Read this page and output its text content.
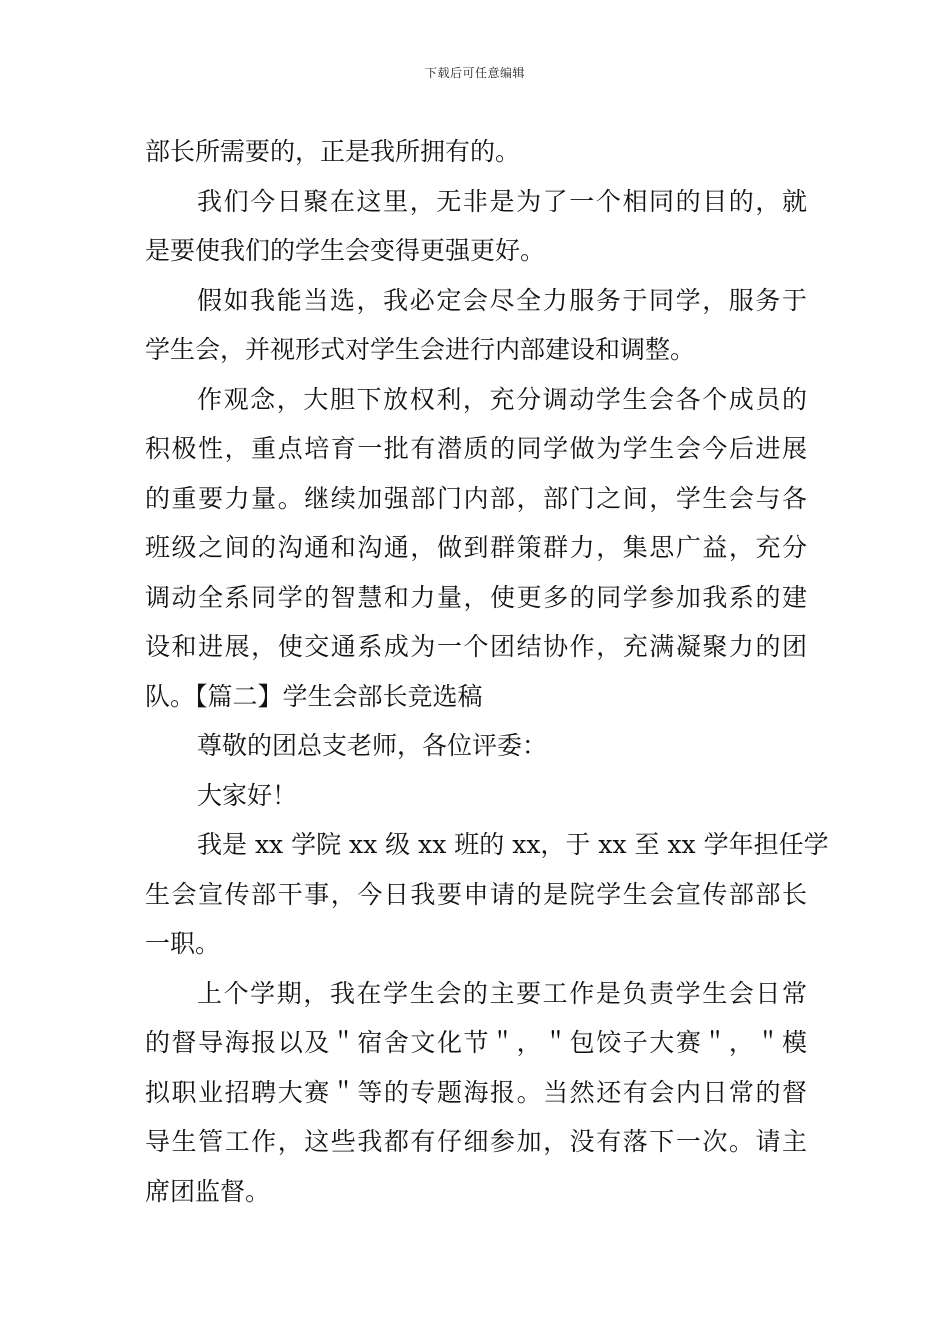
下载后可任意编辑
部长所需要的，正是我所拥有的。
我们今日聚在这里，无非是为了一个相同的目的，就
是要使我们的学生会变得更强更好。
假如我能当选，我必定会尽全力服务于同学，服务于
学生会，并视形式对学生会进行内部建设和调整。
作观念，大胆下放权利，充分调动学生会各个成员的
积极性，重点培育一批有潜质的同学做为学生会今后进展
的重要力量。继续加强部门内部，部门之间，学生会与各
班级之间的沟通和沟通，做到群策群力，集思广益，充分
调动全系同学的智慧和力量，使更多的同学参加我系的建
设和进展，使交通系成为一个团结协作，充满凝聚力的团
队。【篇二】学生会部长竞选稿
尊敬的团总支老师，各位评委：
大家好！
我是 xx 学院 xx 级 xx 班的 xx，于 xx 至 xx 学年担任学
生会宣传部干事，今日我要申请的是院学生会宣传部部长
一职。
上个学期，我在学生会的主要工作是负责学生会日常
的督导海报以及＂宿舍文化节＂，＂包饺子大赛＂，＂模
拟职业招聘大赛＂等的专题海报。当然还有会内日常的督
导生管工作，这些我都有仔细参加，没有落下一次。请主
席团监督。
